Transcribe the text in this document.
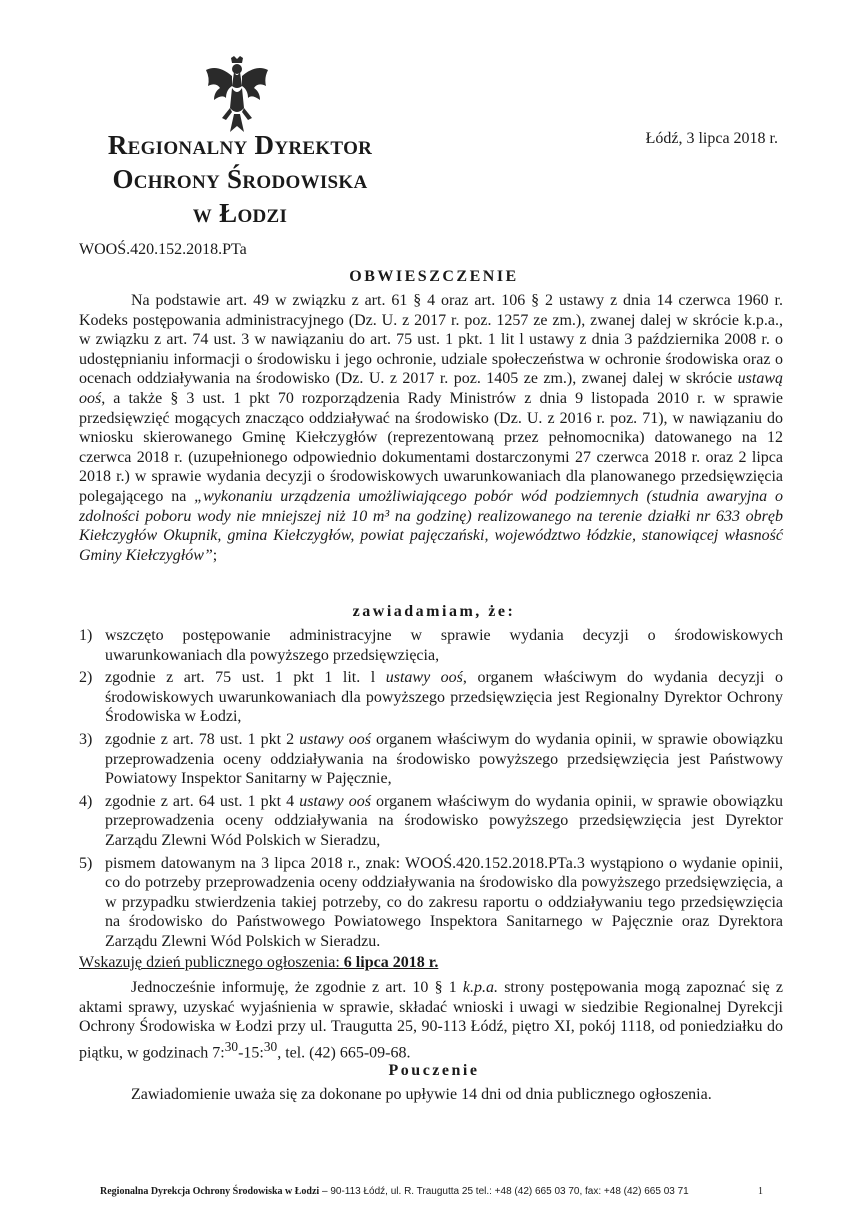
Regionalny Dyrektor
Ochrony Środowiska
w Łodzi
Łódź, 3 lipca 2018 r.
WOOŚ.420.152.2018.PTa
OBWIESZCZENIE
Na podstawie art. 49 w związku z art. 61 § 4 oraz art. 106 § 2 ustawy z dnia 14 czerwca 1960 r. Kodeks postępowania administracyjnego (Dz. U. z 2017 r. poz. 1257 ze zm.), zwanej dalej w skrócie k.p.a., w związku z art. 74 ust. 3 w nawiązaniu do art. 75 ust. 1 pkt. 1 lit l ustawy z dnia 3 października 2008 r. o udostępnianiu informacji o środowisku i jego ochronie, udziale społeczeństwa w ochronie środowiska oraz o ocenach oddziaływania na środowisko (Dz. U. z 2017 r. poz. 1405 ze zm.), zwanej dalej w skrócie ustawą ooś, a także § 3 ust. 1 pkt 70 rozporządzenia Rady Ministrów z dnia 9 listopada 2010 r. w sprawie przedsięwzięć mogących znacząco oddziaływać na środowisko (Dz. U. z 2016 r. poz. 71), w nawiązaniu do wniosku skierowanego Gminę Kiełczygłów (reprezentowaną przez pełnomocnika) datowanego na 12 czerwca 2018 r. (uzupełnionego odpowiednio dokumentami dostarczonymi 27 czerwca 2018 r. oraz 2 lipca 2018 r.) w sprawie wydania decyzji o środowiskowych uwarunkowaniach dla planowanego przedsięwzięcia polegającego na „wykonaniu urządzenia umożliwiającego pobór wód podziemnych (studnia awaryjna o zdolności poboru wody nie mniejszej niż 10 m³ na godzinę) realizowanego na terenie działki nr 633 obręb Kiełczygłów Okupnik, gmina Kiełczygłów, powiat pajęczański, województwo łódzkie, stanowiącej własność Gminy Kiełczygłów”;
zawiadamiam, że:
1) wszczęto postępowanie administracyjne w sprawie wydania decyzji o środowiskowych uwarunkowaniach dla powyższego przedsięwzięcia,
2) zgodnie z art. 75 ust. 1 pkt 1 lit. l ustawy ooś, organem właściwym do wydania decyzji o środowiskowych uwarunkowaniach dla powyższego przedsięwzięcia jest Regionalny Dyrektor Ochrony Środowiska w Łodzi,
3) zgodnie z art. 78 ust. 1 pkt 2 ustawy ooś organem właściwym do wydania opinii, w sprawie obowiązku przeprowadzenia oceny oddziaływania na środowisko powyższego przedsięwzięcia jest Państwowy Powiatowy Inspektor Sanitarny w Pajęcznie,
4) zgodnie z art. 64 ust. 1 pkt 4 ustawy ooś organem właściwym do wydania opinii, w sprawie obowiązku przeprowadzenia oceny oddziaływania na środowisko powyższego przedsięwzięcia jest Dyrektor Zarządu Zlewni Wód Polskich w Sieradzu,
5) pismem datowanym na 3 lipca 2018 r., znak: WOOŚ.420.152.2018.PTa.3 wystąpiono o wydanie opinii, co do potrzeby przeprowadzenia oceny oddziaływania na środowisko dla powyższego przedsięwzięcia, a w przypadku stwierdzenia takiej potrzeby, co do zakresu raportu o oddziaływaniu tego przedsięwzięcia na środowisko do Państwowego Powiatowego Inspektora Sanitarnego w Pajęcznie oraz Dyrektora Zarządu Zlewni Wód Polskich w Sieradzu.
Wskazuję dzień publicznego ogłoszenia: 6 lipca 2018 r.
Jednocześnie informuję, że zgodnie z art. 10 § 1 k.p.a. strony postępowania mogą zapoznać się z aktami sprawy, uzyskać wyjaśnienia w sprawie, składać wnioski i uwagi w siedzibie Regionalnej Dyrekcji Ochrony Środowiska w Łodzi przy ul. Traugutta 25, 90-113 Łódź, piętro XI, pokój 1118, od poniedziałku do piątku, w godzinach 7:$^{30}$-15:$^{30}$, tel. (42) 665-09-68.
Pouczenie
Zawiadomienie uważa się za dokonane po upływie 14 dni od dnia publicznego ogłoszenia.
Regionalna Dyrekcja Ochrony Środowiska w Łodzi – 90-113 Łódź, ul. R. Traugutta 25 tel.: +48 (42) 665 03 70, fax: +48 (42) 665 03 71	1
